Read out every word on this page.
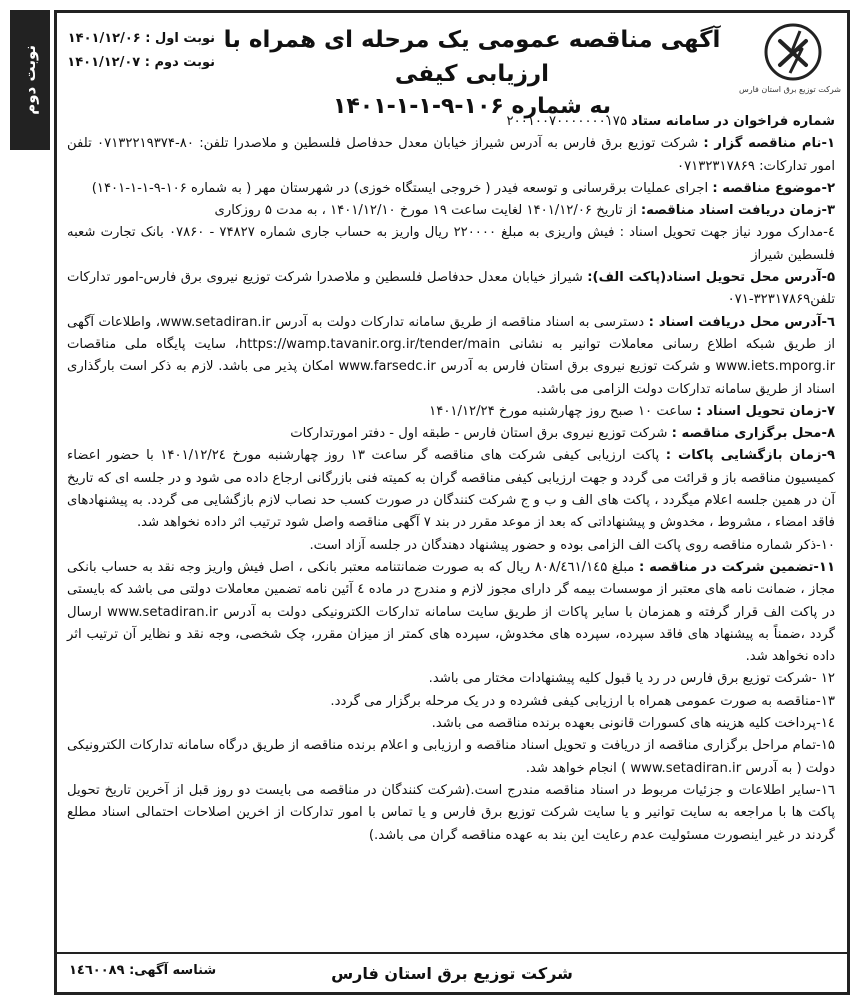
نوبت دوم	شرکت توزیع برق استان فارس

آگهی مناقصه عمومی یک مرحله ای همراه با ارزیابی کیفی

به شماره ۱۰۶-۹-۱-۱-۱۴۰۱

نوبت اول : ۱۴۰۱/۱۲/۰۶
نوبت دوم : ۱۴۰۱/۱۲/۰۷

شماره فراخوان در سامانه ستاد ۲۰۰۱۰۰۷۰۰۰۰۰۰۰۱۷۵

۱-نام مناقصه گزار : شرکت توزیع برق فارس به آدرس شیراز خیابان معدل حدفاصل فلسطین و ملاصدرا تلفن: ۸۰-۰۷۱۳۲۲۱۹۳۷۴ تلفن امور تدارکات: ۰۷۱۳۲۳۱۷۸۶۹

۲-موضوع مناقصه : اجرای عملیات برقرسانی و توسعه فیدر ( خروجی ایستگاه خوزی) در شهرستان مهر ( به شماره ۱۰۶-۹-۱-۱-۱۴۰۱)

۳-زمان دریافت اسناد مناقصه: از تاریخ ۱۴۰۱/۱۲/۰۶ لغایت ساعت ۱۹ مورخ ۱۴۰۱/۱۲/۱۰ ، به مدت ۵ روزکاری

٤-مدارک مورد نیاز جهت تحویل اسناد : فیش واریزی به مبلغ ۲۲۰۰۰۰ ریال واریز به حساب جاری شماره ۷۴۸۲۷ - ۰۷۸۶۰ بانک تجارت شعبه فلسطین شیراز

۵-آدرس محل تحویل اسناد(پاکت الف): شیراز خیابان معدل حدفاصل فلسطین و ملاصدرا شرکت توزیع نیروی برق فارس-امور تدارکات تلفن۳۲۳۱۷۸۶۹-۰۷۱

٦-آدرس محل دریافت اسناد : دسترسی به اسناد مناقصه از طریق سامانه تدارکات دولت به آدرس www.setadiran.ir، واطلاعات آگهی از طریق شبکه اطلاع رسانی معاملات توانیر به نشانی https://wamp.tavanir.org.ir/tender/main، سایت پایگاه ملی مناقصات www.iets.mporg.ir و شرکت توزیع نیروی برق استان فارس به آدرس www.farsedc.ir امکان پذیر می باشد. لازم به ذکر است بارگذاری اسناد از طریق سامانه تدارکات دولت الزامی می باشد.

۷-زمان تحویل اسناد : ساعت ۱۰ صبح روز چهارشنبه مورخ ۱۴۰۱/۱۲/۲۴

۸-محل برگزاری مناقصه : شرکت توزیع نیروی برق استان فارس - طبقه اول - دفتر امورتدارکات

۹-زمان بازگشایی پاکات : پاکت ارزیابی کیفی شرکت های مناقصه گر ساعت ۱۳ روز چهارشنبه مورخ ۱۴۰۱/۱۲/۲٤ با حضور اعضاء کمیسیون مناقصه باز و قرائت می گردد و جهت ارزیابی کیفی مناقصه گران به کمیته فنی بازرگانی ارجاع داده می شود و در جلسه ای که تاریخ آن در همین جلسه اعلام میگردد ، پاکت های الف و ب و ج شرکت کنندگان در صورت کسب حد نصاب لازم بازگشایی می گردد. به پیشنهادهای فاقد امضاء ، مشروط ، مخدوش و پیشنهاداتی که بعد از موعد مقرر در بند ۷ آگهی مناقصه واصل شود ترتیب اثر داده نخواهد شد.

۱۰-ذکر شماره مناقصه روی پاکت الف الزامی بوده و حضور پیشنهاد دهندگان در جلسه آزاد است.

۱۱-تضمین شرکت در مناقصه : مبلغ ۸۰۸/٤٦۱/۱٤۵ ریال که به صورت ضمانتنامه معتبر بانکی ، اصل فیش واریز وجه نقد به حساب بانکی مجاز ، ضمانت نامه های معتبر از موسسات بیمه گر دارای مجوز لازم و مندرج در ماده ٤ آئین نامه تضمین معاملات دولتی می باشد که بایستی در پاکت الف قرار گرفته و همزمان با سایر پاکات از طریق سایت سامانه تدارکات الکترونیکی دولت به آدرس www.setadiran.ir ارسال گردد ،ضمناً به پیشنهاد های فاقد سپرده، سپرده های مخدوش، سپرده های کمتر از میزان مقرر، چک شخصی، وجه نقد و نظایر آن ترتیب اثر داده نخواهد شد.

۱۲ -شرکت توزیع برق فارس در رد یا قبول کلیه پیشنهادات مختار می باشد.

۱۳-مناقصه به صورت عمومی همراه با ارزیابی کیفی فشرده و در یک مرحله برگزار می گردد.

۱٤-پرداخت کلیه هزینه های کسورات قانونی بعهده برنده مناقصه می باشد.

۱۵-تمام مراحل برگزاری مناقصه از دریافت و تحویل اسناد مناقصه و ارزیابی و اعلام برنده مناقصه از طریق درگاه سامانه تدارکات الکترونیکی دولت ( به آدرس www.setadiran.ir ) انجام خواهد شد.

۱٦-سایر اطلاعات و جزئیات مربوط در اسناد مناقصه مندرج است.(شرکت کنندگان در مناقصه می بایست دو روز قبل از آخرین تاریخ تحویل پاکت ها با مراجعه به سایت توانیر و یا سایت شرکت توزیع برق فارس و یا تماس با امور تدارکات از اخرین اصلاحات احتمالی اسناد مطلع گردند در غیر اینصورت مسئولیت عدم رعایت این بند به عهده مناقصه گران می باشد.)

شرکت توزیع برق استان فارس
شناسه آگهی: ۱٤٦۰۰۸۹
